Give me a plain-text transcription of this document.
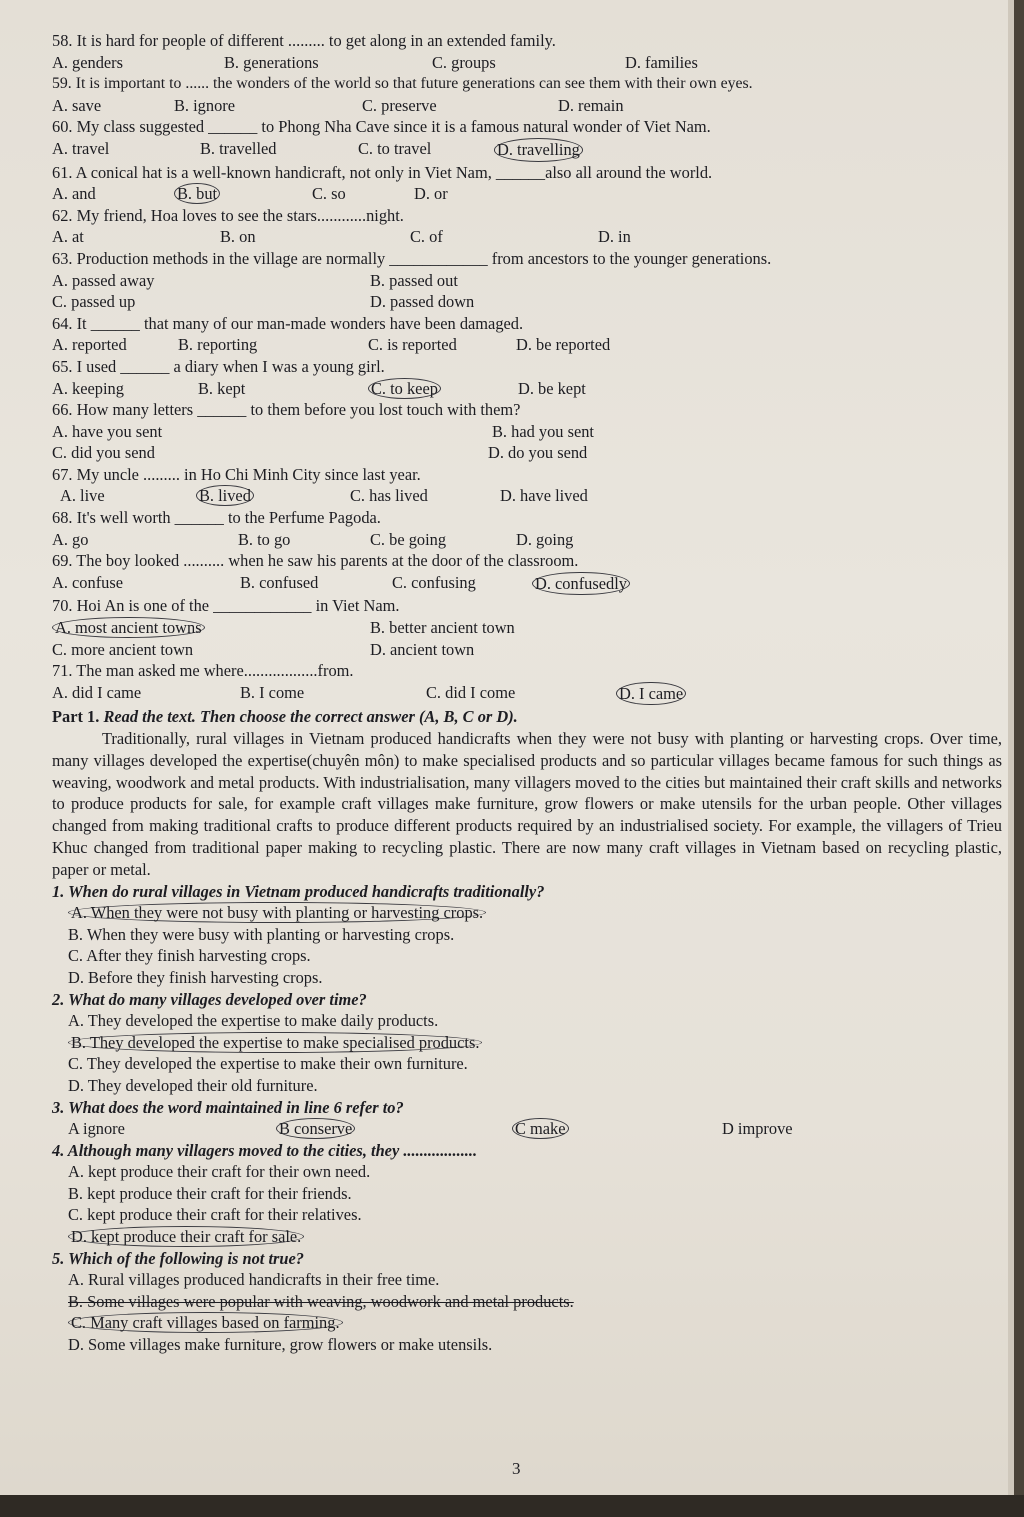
58. It is hard for people of different ......... to get along in an extended family.
A. genders	B. generations	C. groups	D. families
59. It is important to ...... the wonders of the world so that future generations can see them with their own eyes.
A. save	B. ignore	C. preserve	D. remain
60. My class suggested ______ to Phong Nha Cave since it is a famous natural wonder of Viet Nam.
A. travel	B. travelled	C. to travel	D. travelling
61. A conical hat is a well-known handicraft, not only in Viet Nam, ______also all around the world.
A. and	B. but	C. so	D. or
62. My friend, Hoa loves to see the stars............night.
A. at	B. on	C. of	D. in
63. Production methods in the village are normally ____________ from ancestors to the younger generations.
A. passed away	B. passed out
C. passed up	D. passed down
64. It ______ that many of our man-made wonders have been damaged.
A. reported	B. reporting	C. is reported	D. be reported
65. I used ______ a diary when I was a young girl.
A. keeping	B. kept	C. to keep	D. be kept
66. How many letters ______ to them before you lost touch with them?
A. have you sent	B. had you sent
C. did you send	D. do you send
67. My uncle ......... in Ho Chi Minh City since last year.
A. live	B. lived	C. has lived	D. have lived
68. It's well worth ______ to the Perfume Pagoda.
A. go	B. to go	C. be going	D. going
69. The boy looked .......... when he saw his parents at the door of the classroom.
A. confuse	B. confused	C. confusing	D. confusedly
70. Hoi An is one of the ____________ in Viet Nam.
A. most ancient towns	B. better ancient town
C. more ancient town	D. ancient town
71. The man asked me where..................from.
A. did I came	B. I come	C. did I come	D. I came
Part 1. Read the text. Then choose the correct answer (A, B, C or D).
Traditionally, rural villages in Vietnam produced handicrafts when they were not busy with planting or harvesting crops. Over time, many villages developed the expertise(chuyên môn) to make specialised products and so particular villages became famous for such things as weaving, woodwork and metal products. With industrialisation, many villagers moved to the cities but maintained their craft skills and networks to produce products for sale, for example craft villages make furniture, grow flowers or make utensils for the urban people. Other villages changed from making traditional crafts to produce different products required by an industrialised society. For example, the villagers of Trieu Khuc changed from traditional paper making to recycling plastic. There are now many craft villages in Vietnam based on recycling plastic, paper or metal.
1. When do rural villages in Vietnam produced handicrafts traditionally?
A. When they were not busy with planting or harvesting crops.
B. When they were busy with planting or harvesting crops.
C. After they finish harvesting crops.
D. Before they finish harvesting crops.
2. What do many villages developed over time?
A. They developed the expertise to make daily products.
B. They developed the expertise to make specialised products.
C. They developed the expertise to make their own furniture.
D. They developed their old furniture.
3. What does the word maintained in line 6 refer to?
A ignore	B conserve	C make	D improve
4. Although many villagers moved to the cities, they ..................
A. kept produce their craft for their own need.
B. kept produce their craft for their friends.
C. kept produce their craft for their relatives.
D. kept produce their craft for sale.
5. Which of the following is not true?
A. Rural villages produced handicrafts in their free time.
B. Some villages were popular with weaving, woodwork and metal products.
C. Many craft villages based on farming.
D. Some villages make furniture, grow flowers or make utensils.
3
